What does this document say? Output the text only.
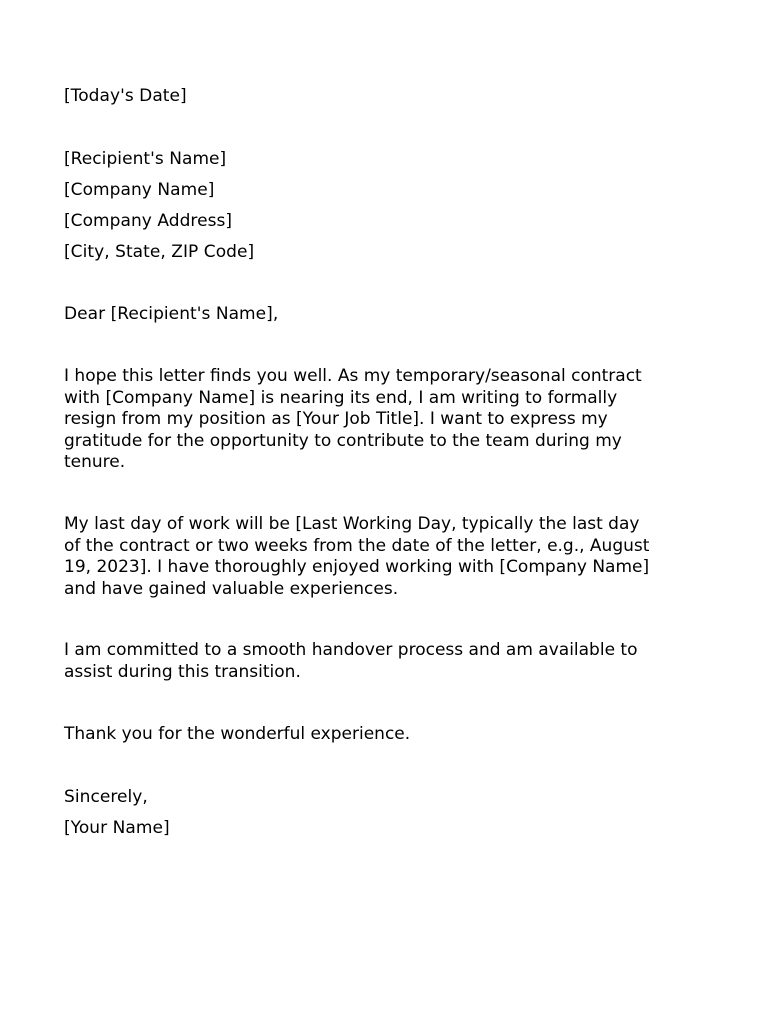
[Today's Date]
[Recipient's Name]
[Company Name]
[Company Address]
[City, State, ZIP Code]
Dear [Recipient's Name],
I hope this letter finds you well. As my temporary/seasonal contract
with [Company Name] is nearing its end, I am writing to formally
resign from my position as [Your Job Title]. I want to express my
gratitude for the opportunity to contribute to the team during my
tenure.
My last day of work will be [Last Working Day, typically the last day
of the contract or two weeks from the date of the letter, e.g., August
19, 2023]. I have thoroughly enjoyed working with [Company Name]
and have gained valuable experiences.
I am committed to a smooth handover process and am available to
assist during this transition.
Thank you for the wonderful experience.
Sincerely,
[Your Name]
